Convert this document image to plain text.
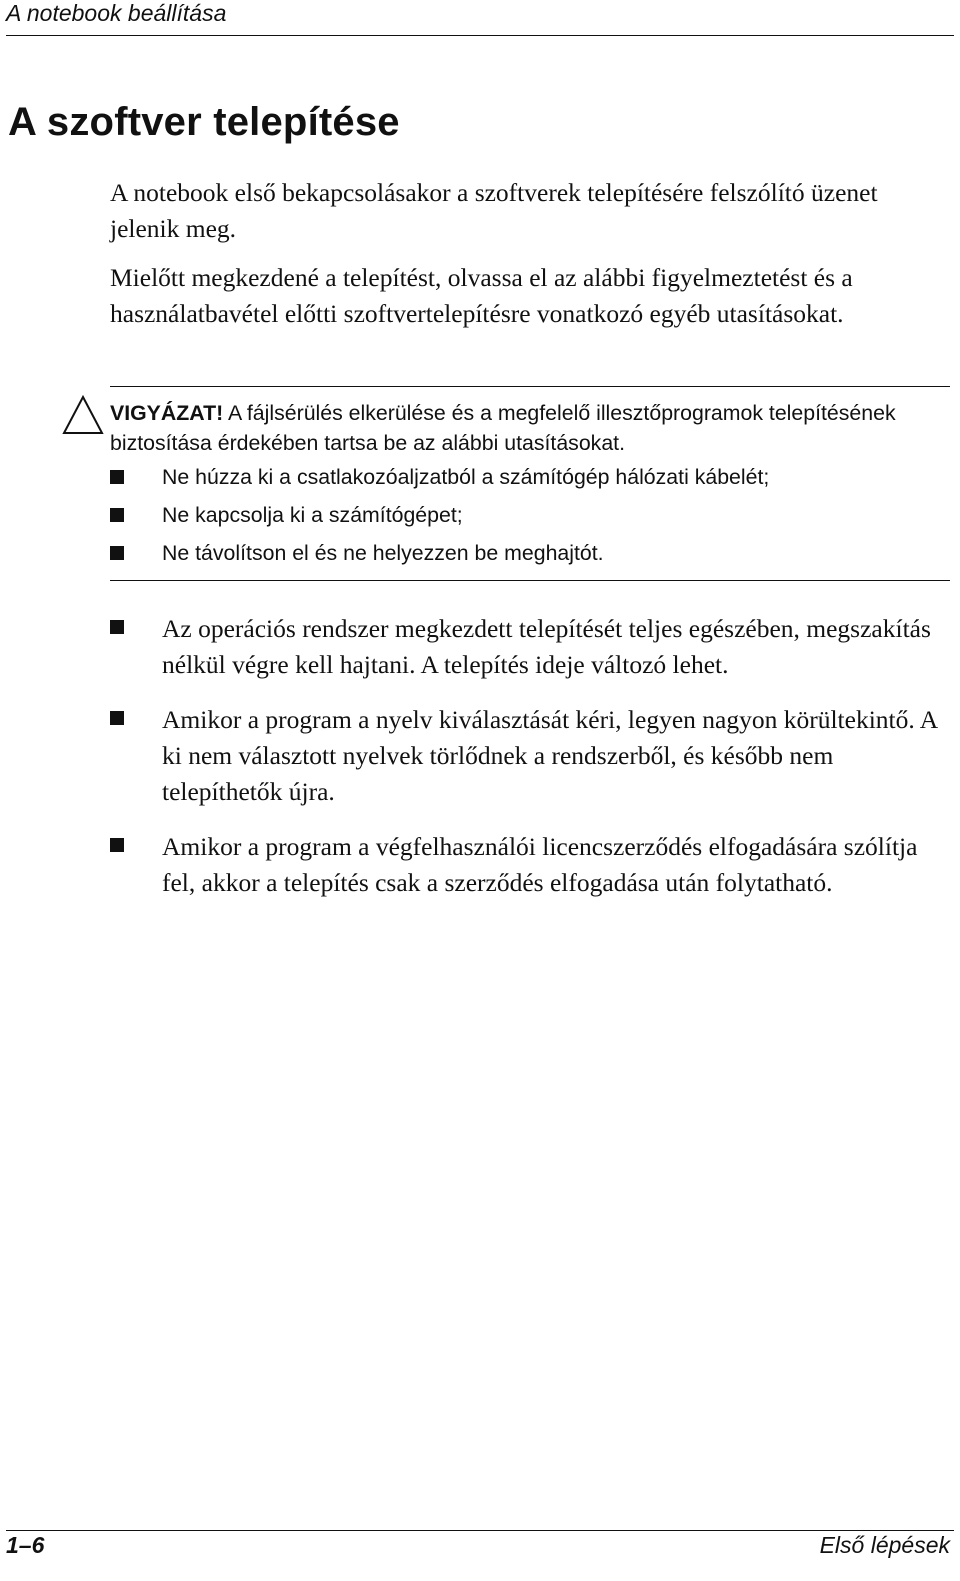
A notebook beállítása
A szoftver telepítése

A notebook első bekapcsolásakor a szoftverek telepítésére felszólító üzenet jelenik meg.

Mielőtt megkezdené a telepítést, olvassa el az alábbi figyelmeztetést és a használatbavétel előtti szoftvertelepítésre vonatkozó egyéb utasításokat.

VIGYÁZAT! A fájlsérülés elkerülése és a megfelelő illesztőprogramok telepítésének biztosítása érdekében tartsa be az alábbi utasításokat.

Ne húzza ki a csatlakozóaljzatból a számítógép hálózati kábelét;
Ne kapcsolja ki a számítógépet;
Ne távolítson el és ne helyezzen be meghajtót.
Az operációs rendszer megkezdett telepítését teljes egészében, megszakítás nélkül végre kell hajtani. A telepítés ideje változó lehet.
Amikor a program a nyelv kiválasztását kéri, legyen nagyon körültekintő. A ki nem választott nyelvek törlődnek a rendszerből, és később nem telepíthetők újra.
Amikor a program a végfelhasználói licencszerződés elfogadására szólítja fel, akkor a telepítés csak a szerződés elfogadása után folytatható.
1–6	Első lépések
